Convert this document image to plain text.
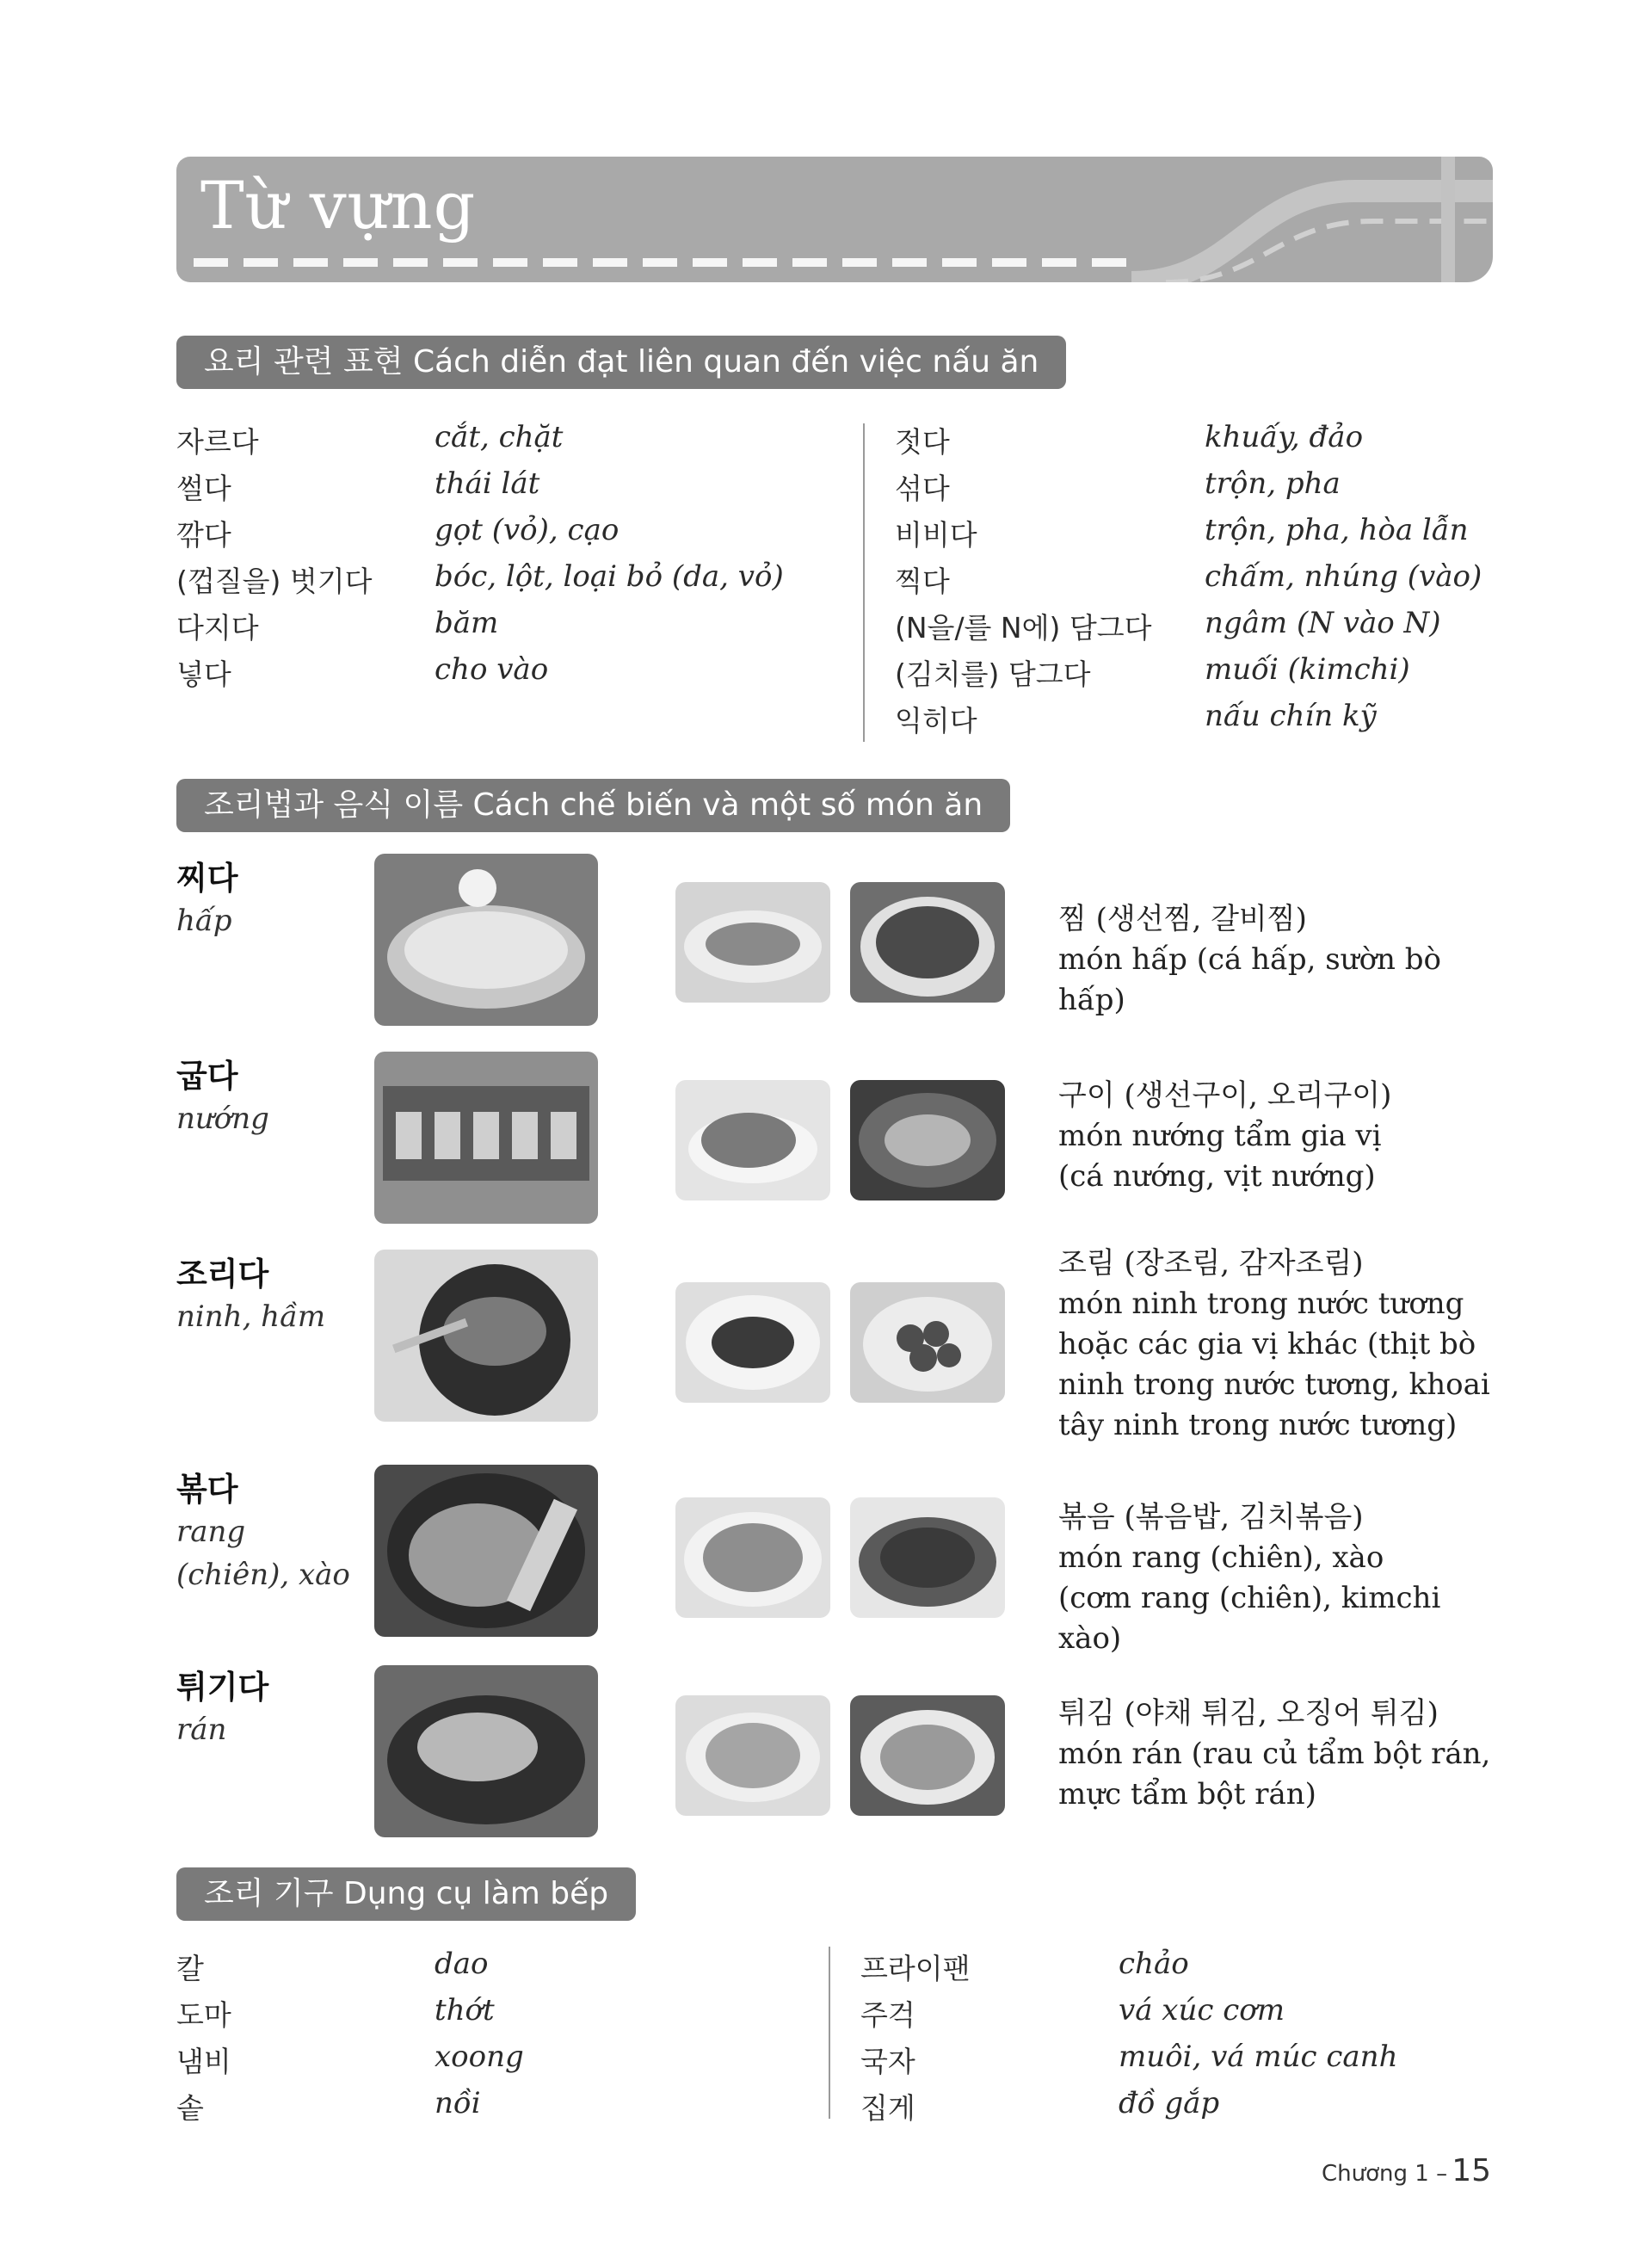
Từ vựng
요리 관련 표현 Cách diễn đạt liên quan đến việc nấu ăn
자르다	cắt, chặt
썰다	thái lát
깎다	gọt (vỏ), cạo
(껍질을) 벗기다 bóc, lột, loại bỏ (da, vỏ)
다지다	băm
넣다	cho vào
젓다	khuấy, đảo
섞다	trộn, pha
비비다	trộn, pha, hòa lẫn
찍다	chấm, nhúng (vào)
(N을/를 N에) 담그다 ngâm (N vào N)
(김치를) 담그다	muối (kimchi)
익히다	nấu chín kỹ
조리법과 음식 이름 Cách chế biến và một số món ăn
찌다
hấp	찜 (생선찜, 갈비찜)
món hấp (cá hấp, sườn bò hấp)
굽다
nướng
구이 (생선구이, 오리구이)
món nướng tẩm gia vị
(cá nướng, vịt nướng)
조리다
ninh, hầm
조림 (장조림, 감자조림)
món ninh trong nước tương
hoặc các gia vị khác (thịt bò
ninh trong nước tương, khoai
tây ninh trong nước tương)
볶다
rang (chiên), xào
볶음 (볶음밥, 김치볶음)
món rang (chiên), xào
(cơm rang (chiên), kimchi xào)
튀기다
rán	튀김 (야채 튀김, 오징어 튀김)
món rán (rau củ tẩm bột rán,
mực tẩm bột rán)
조리 기구 Dụng cụ làm bếp
칼	dao
도마	thớt
냄비	xoong
솥	nồi
프라이팬	chảo
주걱	vá xúc cơm
국자	muôi, vá múc canh
집게	đồ gắp
Chương 1 – 15
